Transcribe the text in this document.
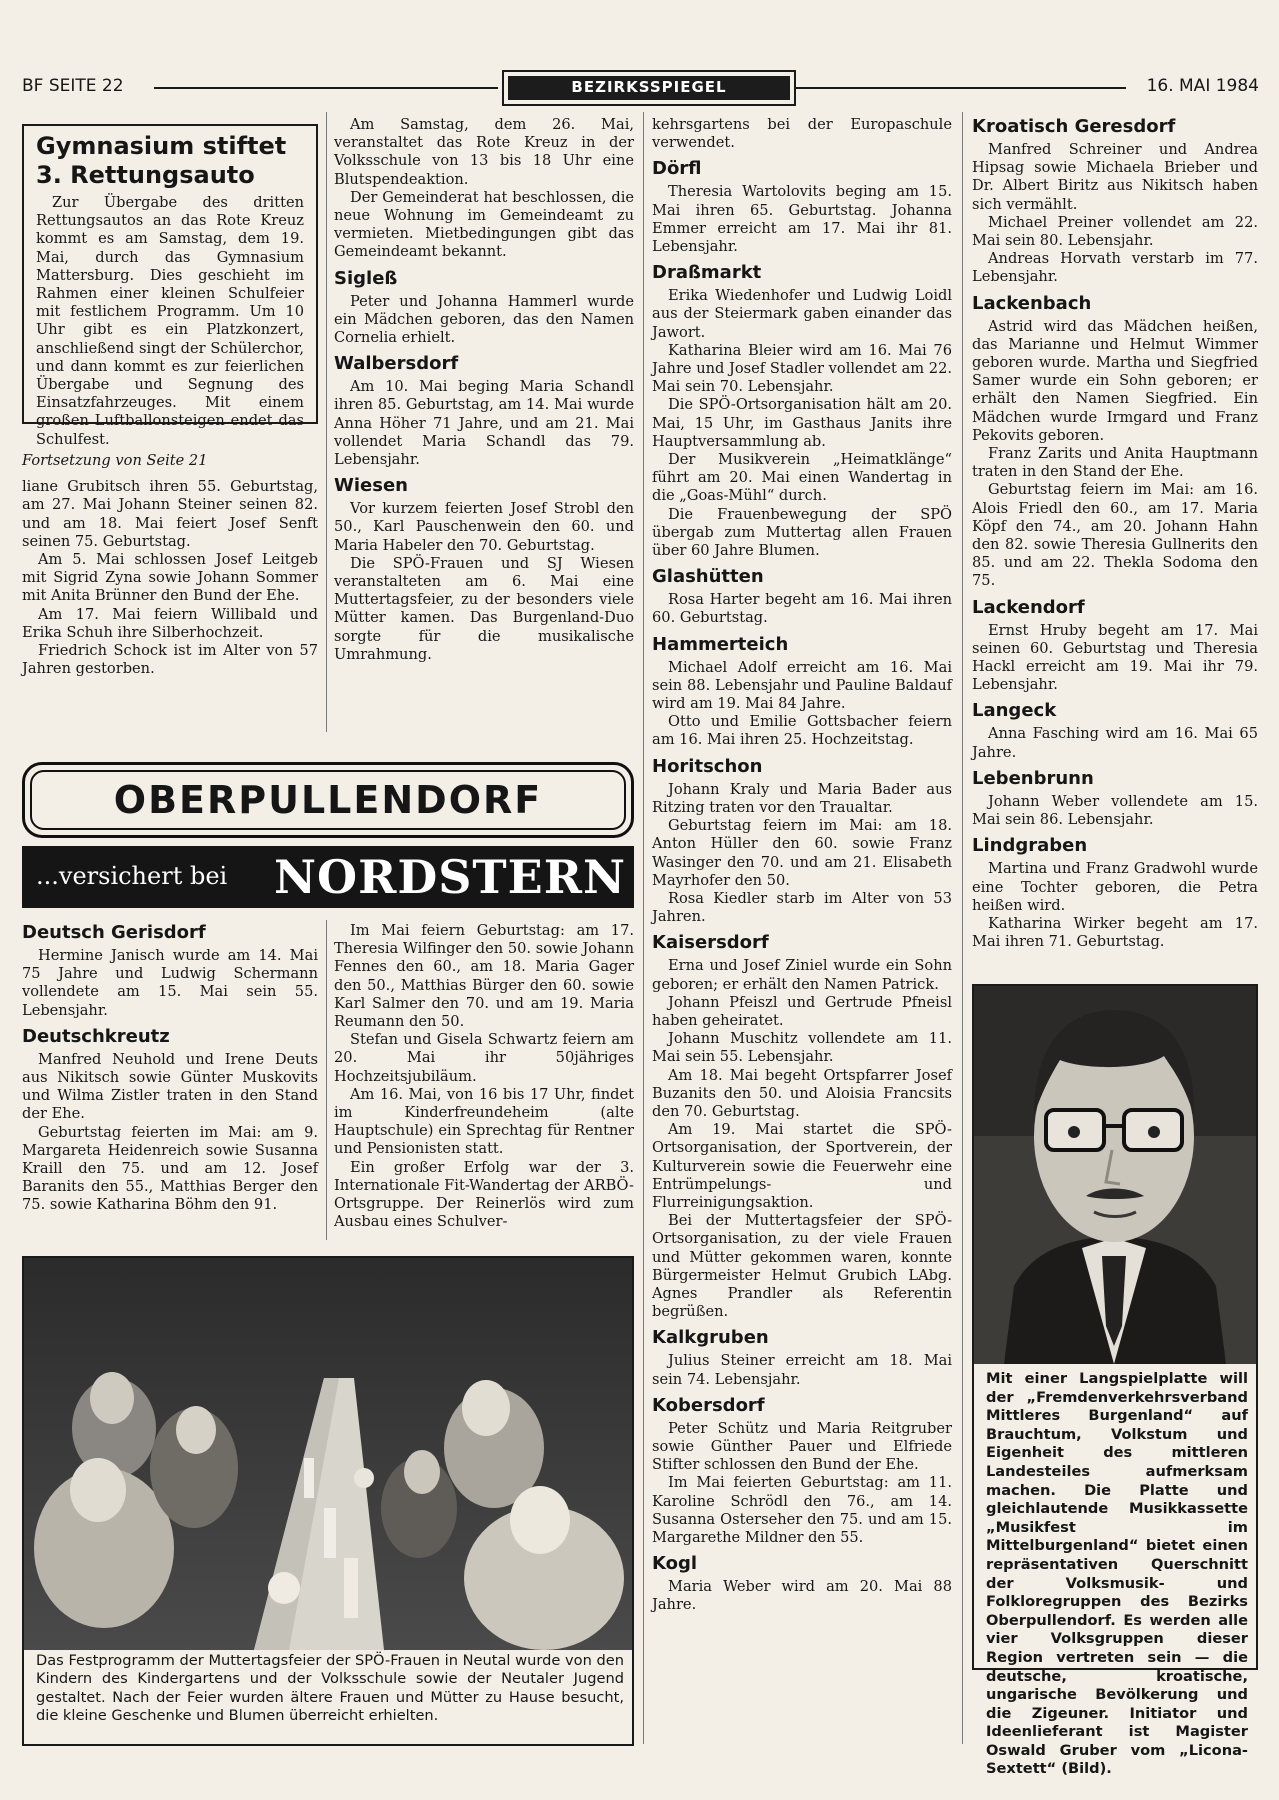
BF SEITE 22	BEZIRKSSPIEGEL	16. MAI 1984
Gymnasium stiftet 3. Rettungsauto

Zur Übergabe des dritten Rettungsautos an das Rote Kreuz kommt es am Samstag, dem 19. Mai, durch das Gymnasium Mattersburg. Dies geschieht im Rahmen einer kleinen Schulfeier mit festlichem Programm. Um 10 Uhr gibt es ein Platzkonzert, anschließend singt der Schülerchor, und dann kommt es zur feierlichen Übergabe und Segnung des Einsatzfahrzeuges. Mit einem großen Luftballonsteigen endet das Schulfest.

Fortsetzung von Seite 21

liane Grubitsch ihren 55. Geburtstag, am 27. Mai Johann Steiner seinen 82. und am 18. Mai feiert Josef Senft seinen 75. Geburtstag.

Am 5. Mai schlossen Josef Leitgeb mit Sigrid Zyna sowie Johann Sommer mit Anita Brünner den Bund der Ehe.

Am 17. Mai feiern Willibald und Erika Schuh ihre Silberhochzeit.

Friedrich Schock ist im Alter von 57 Jahren gestorben.

Am Samstag, dem 26. Mai, veranstaltet das Rote Kreuz in der Volksschule von 13 bis 18 Uhr eine Blutspendeaktion.

Der Gemeinderat hat beschlossen, die neue Wohnung im Gemeindeamt zu vermieten. Mietbedingungen gibt das Gemeindeamt bekannt.

Sigleß

Peter und Johanna Hammerl wurde ein Mädchen geboren, das den Namen Cornelia erhielt.

Walbersdorf

Am 10. Mai beging Maria Schandl ihren 85. Geburtstag, am 14. Mai wurde Anna Höher 71 Jahre, und am 21. Mai vollendet Maria Schandl das 79. Lebensjahr.

Wiesen

Vor kurzem feierten Josef Strobl den 50., Karl Pauschenwein den 60. und Maria Habeler den 70. Geburtstag.

Die SPÖ-Frauen und SJ Wiesen veranstalteten am 6. Mai eine Muttertagsfeier, zu der besonders viele Mütter kamen. Das Burgenland-Duo sorgte für die musikalische Umrahmung.

OBERPULLENDORF
...versichert bei NORDSTERN
Deutsch Gerisdorf

Hermine Janisch wurde am 14. Mai 75 Jahre und Ludwig Schermann vollendete am 15. Mai sein 55. Lebensjahr.

Deutschkreutz

Manfred Neuhold und Irene Deuts aus Nikitsch sowie Günter Muskovits und Wilma Zistler traten in den Stand der Ehe.

Geburtstag feierten im Mai: am 9. Margareta Heidenreich sowie Susanna Kraill den 75. und am 12. Josef Baranits den 55., Matthias Berger den 75. sowie Katharina Böhm den 91.

Im Mai feiern Geburtstag: am 17. Theresia Wilfinger den 50. sowie Johann Fennes den 60., am 18. Maria Gager den 50., Matthias Bürger den 60. sowie Karl Salmer den 70. und am 19. Maria Reumann den 50.

Stefan und Gisela Schwartz feiern am 20. Mai ihr 50jähriges Hochzeitsjubiläum.

Am 16. Mai, von 16 bis 17 Uhr, findet im Kinderfreundeheim (alte Hauptschule) ein Sprechtag für Rentner und Pensionisten statt.

Ein großer Erfolg war der 3. Internationale Fit-Wandertag der ARBÖ-Ortsgruppe. Der Reinerlös wird zum Ausbau eines Schulver-

Das Festprogramm der Muttertagsfeier der SPÖ-Frauen in Neutal wurde von den Kindern des Kindergartens und der Volksschule sowie der Neutaler Jugend gestaltet. Nach der Feier wurden ältere Frauen und Mütter zu Hause besucht, die kleine Geschenke und Blumen überreicht erhielten.

kehrsgartens bei der Europaschule verwendet.

Dörfl

Theresia Wartolovits beging am 15. Mai ihren 65. Geburtstag. Johanna Emmer erreicht am 17. Mai ihr 81. Lebensjahr.

Draßmarkt

Erika Wiedenhofer und Ludwig Loidl aus der Steiermark gaben einander das Jawort.

Katharina Bleier wird am 16. Mai 76 Jahre und Josef Stadler vollendet am 22. Mai sein 70. Lebensjahr.

Die SPÖ-Ortsorganisation hält am 20. Mai, 15 Uhr, im Gasthaus Janits ihre Hauptversammlung ab.

Der Musikverein „Heimatklänge“ führt am 20. Mai einen Wandertag in die „Goas-Mühl“ durch.

Die Frauenbewegung der SPÖ übergab zum Muttertag allen Frauen über 60 Jahre Blumen.

Glashütten

Rosa Harter begeht am 16. Mai ihren 60. Geburtstag.

Hammerteich

Michael Adolf erreicht am 16. Mai sein 88. Lebensjahr und Pauline Baldauf wird am 19. Mai 84 Jahre.

Otto und Emilie Gottsbacher feiern am 16. Mai ihren 25. Hochzeitstag.

Horitschon

Johann Kraly und Maria Bader aus Ritzing traten vor den Traualtar.

Geburtstag feiern im Mai: am 18. Anton Hüller den 60. sowie Franz Wasinger den 70. und am 21. Elisabeth Mayrhofer den 50.

Rosa Kiedler starb im Alter von 53 Jahren.

Kaisersdorf

Erna und Josef Ziniel wurde ein Sohn geboren; er erhält den Namen Patrick.

Johann Pfeiszl und Gertrude Pfneisl haben geheiratet.

Johann Muschitz vollendete am 11. Mai sein 55. Lebensjahr.

Am 18. Mai begeht Ortspfarrer Josef Buzanits den 50. und Aloisia Francsits den 70. Geburtstag.

Am 19. Mai startet die SPÖ-Ortsorganisation, der Sportverein, der Kulturverein sowie die Feuerwehr eine Entrümpelungs- und Flurreinigungsaktion.

Bei der Muttertagsfeier der SPÖ-Ortsorganisation, zu der viele Frauen und Mütter gekommen waren, konnte Bürgermeister Helmut Grubich LAbg. Agnes Prandler als Referentin begrüßen.

Kalkgruben

Julius Steiner erreicht am 18. Mai sein 74. Lebensjahr.

Kobersdorf

Peter Schütz und Maria Reitgruber sowie Günther Pauer und Elfriede Stifter schlossen den Bund der Ehe.

Im Mai feierten Geburtstag: am 11. Karoline Schrödl den 76., am 14. Susanna Osterseher den 75. und am 15. Margarethe Mildner den 55.

Kogl

Maria Weber wird am 20. Mai 88 Jahre.

Kroatisch Geresdorf

Manfred Schreiner und Andrea Hipsag sowie Michaela Brieber und Dr. Albert Biritz aus Nikitsch haben sich vermählt.

Michael Preiner vollendet am 22. Mai sein 80. Lebensjahr.

Andreas Horvath verstarb im 77. Lebensjahr.

Lackenbach

Astrid wird das Mädchen heißen, das Marianne und Helmut Wimmer geboren wurde. Martha und Siegfried Samer wurde ein Sohn geboren; er erhält den Namen Siegfried. Ein Mädchen wurde Irmgard und Franz Pekovits geboren.

Franz Zarits und Anita Hauptmann traten in den Stand der Ehe.

Geburtstag feiern im Mai: am 16. Alois Friedl den 60., am 17. Maria Köpf den 74., am 20. Johann Hahn den 82. sowie Theresia Gullnerits den 85. und am 22. Thekla Sodoma den 75.

Lackendorf

Ernst Hruby begeht am 17. Mai seinen 60. Geburtstag und Theresia Hackl erreicht am 19. Mai ihr 79. Lebensjahr.

Langeck

Anna Fasching wird am 16. Mai 65 Jahre.

Lebenbrunn

Johann Weber vollendete am 15. Mai sein 86. Lebensjahr.

Lindgraben

Martina und Franz Gradwohl wurde eine Tochter geboren, die Petra heißen wird.

Katharina Wirker begeht am 17. Mai ihren 71. Geburtstag.

Mit einer Langspielplatte will der „Fremdenverkehrsverband Mittleres Burgenland“ auf Brauchtum, Volkstum und Eigenheit des mittleren Landesteiles aufmerksam machen. Die Platte und gleichlautende Musikkassette „Musikfest im Mittelburgenland“ bietet einen repräsentativen Querschnitt der Volksmusik- und Folkloregruppen des Bezirks Oberpullendorf. Es werden alle vier Volksgruppen dieser Region vertreten sein — die deutsche, kroatische, ungarische Bevölkerung und die Zigeuner. Initiator und Ideenlieferant ist Magister Oswald Gruber vom „Licona-Sextett“ (Bild).
